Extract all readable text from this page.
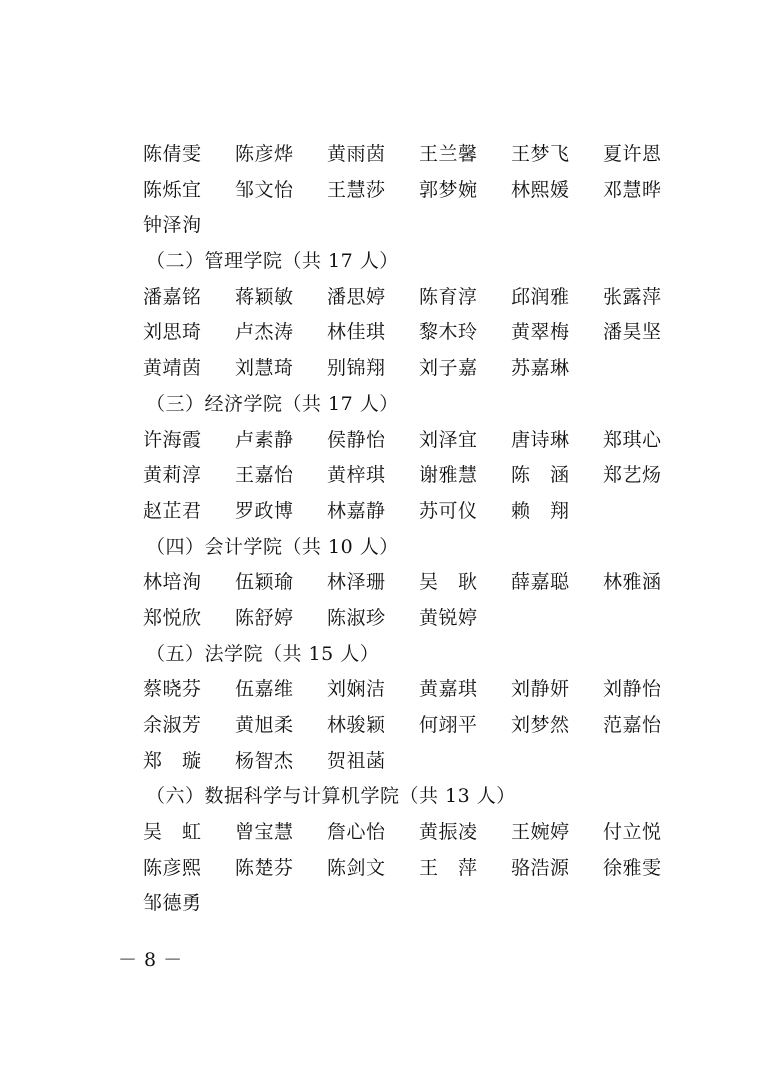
陈倩雯	陈彦烨	黄雨茵	王兰馨	王梦飞	夏许恩
陈烁宜	邹文怡	王慧莎	郭梦婉	林熙媛	邓慧晔
钟泽洵
（二）管理学院（共 17 人）
潘嘉铭	蒋颖敏	潘思婷	陈育淳	邱润雅	张露萍
刘思琦	卢杰涛	林佳琪	黎木玲	黄翠梅	潘昊坚
黄靖茵	刘慧琦	别锦翔	刘子嘉	苏嘉琳
（三）经济学院（共 17 人）
许海霞	卢素静	侯静怡	刘泽宜	唐诗琳	郑琪心
黄莉淳	王嘉怡	黄梓琪	谢雅慧	陈　涵	郑艺炀
赵芷君	罗政博	林嘉静	苏可仪	赖　翔
（四）会计学院（共 10 人）
林培洵	伍颖瑜	林泽珊	吴　耿	薛嘉聪	林雅涵
郑悦欣	陈舒婷	陈淑珍	黄锐婷
（五）法学院（共 15 人）
蔡晓芬	伍嘉维	刘娴洁	黄嘉琪	刘静妍	刘静怡
余淑芳	黄旭柔	林骏颖	何翊平	刘梦然	范嘉怡
郑　璇	杨智杰	贺祖菡
（六）数据科学与计算机学院（共 13 人）
吴　虹	曾宝慧	詹心怡	黄振凌	王婉婷	付立悦
陈彦熙	陈楚芬	陈剑文	王　萍	骆浩源	徐雅雯
邹德勇
－ 8 －
